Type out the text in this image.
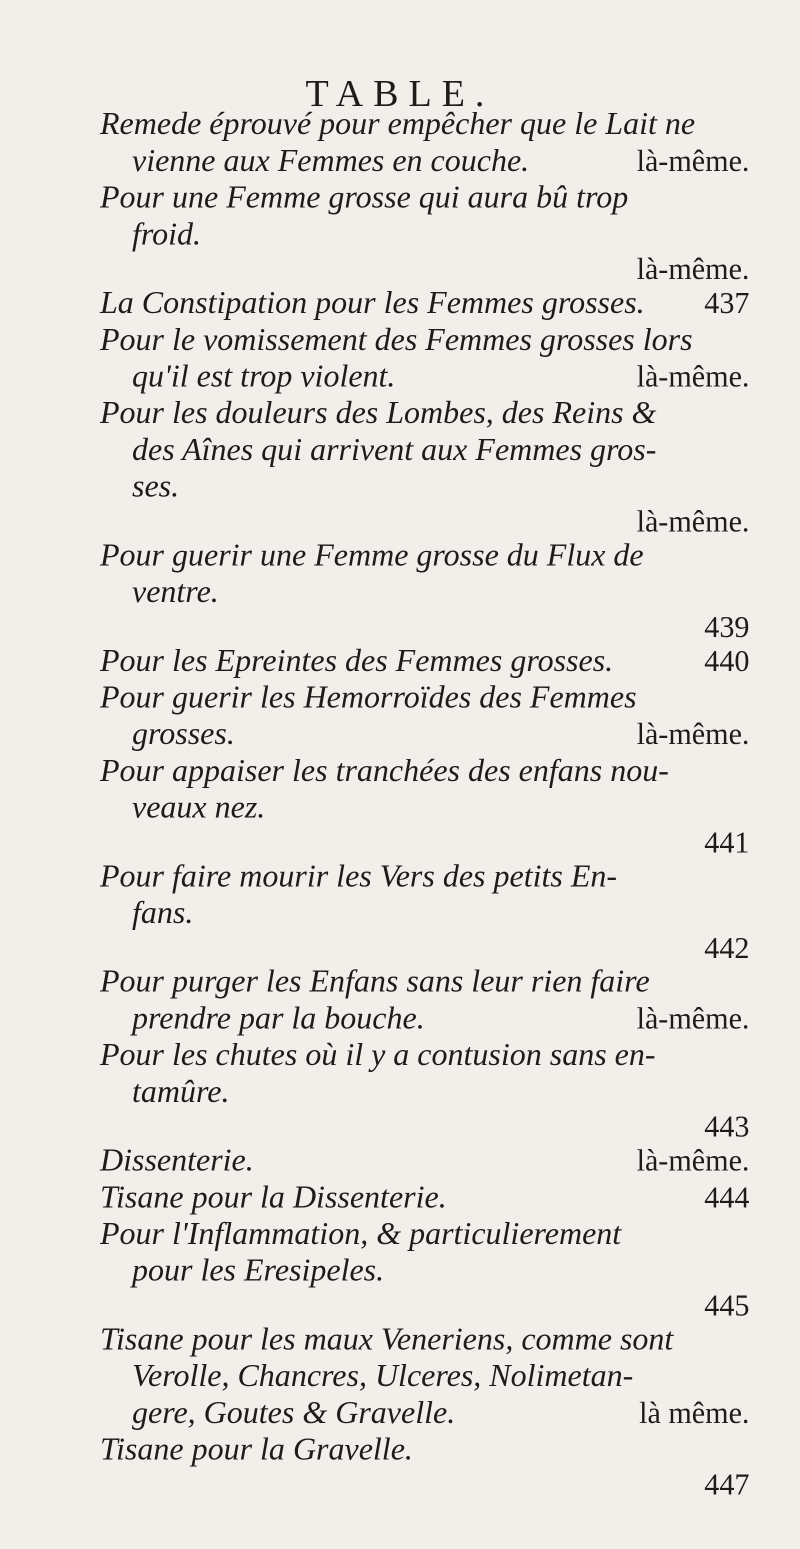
TABLE.
Remede éprouvé pour empêcher que le Lait ne
vienne aux Femmes en couche.	là-même.
Pour une Femme grosse qui aura bû trop
froid.
là-même.
La Constipation pour les Femmes grosses. 437
Pour le vomissement des Femmes grosses lors
qu'il est trop violent.	là-même.
Pour les douleurs des Lombes, des Reins &
des Aînes qui arrivent aux Femmes gros-
ses.
là-même.
Pour guerir une Femme grosse du Flux de
ventre.
439
Pour les Epreintes des Femmes grosses.	440
Pour guerir les Hemorroïdes des Femmes
grosses.	là-même.
Pour appaiser les tranchées des enfans nou-
veaux nez.
441
Pour faire mourir les Vers des petits En-
fans.
442
Pour purger les Enfans sans leur rien faire
prendre par la bouche.	là-même.
Pour les chutes où il y a contusion sans en-
tamûre.
443
Dissenterie.	là-même.
Tisane pour la Dissenterie.	444
Pour l'Inflammation, & particulierement
pour les Eresipeles.
445
Tisane pour les maux Veneriens, comme sont
Verolle, Chancres, Ulceres, Nolimetan-
gere, Goutes & Gravelle.	là même.
Tisane pour la Gravelle.
447
